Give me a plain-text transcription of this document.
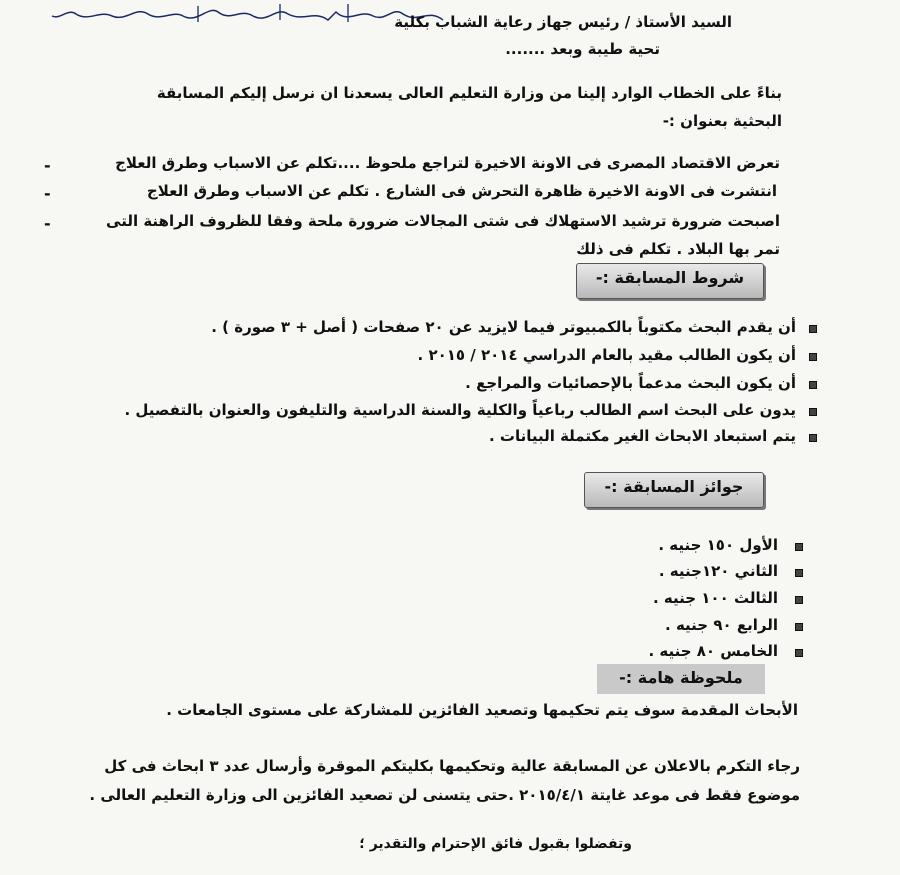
السيد الأستاذ / رئيس جهاز رعاية الشباب بكلية
تحية طيبة وبعد .......
بناءً على الخطاب الوارد إلينا من وزارة التعليم العالى يسعدنا ان نرسل إليكم المسابقة
البحثية بعنوان :-
-	تعرض الاقتصاد المصرى فى الاونة الاخيرة لتراجع ملحوظ ....تكلم عن الاسباب وطرق العلاج
-	انتشرت فى الاونة الاخيرة ظاهرة التحرش فى الشارع . تكلم عن الاسباب وطرق العلاج
-	اصبحت ضرورة ترشيد الاستهلاك فى شتى المجالات ضرورة ملحة وفقا للظروف الراهنة التى
تمر بها البلاد . تكلم فى ذلك
شروط المسابقة :-
أن يقدم البحث مكتوباً بالكمبيوتر فيما لايزيد عن ٢٠ صفحات ( أصل + ٣ صورة ) .
أن يكون الطالب مقيد بالعام الدراسي ٢٠١٤ / ٢٠١٥ .
أن يكون البحث مدعماً بالإحصائيات والمراجع .
يدون على البحث اسم الطالب رباعياً والكلية والسنة الدراسية والتليفون والعنوان بالتفصيل .
يتم استبعاد الابحاث الغير مكتملة البيانات .
جوائز المسابقة :-
الأول ١٥٠ جنيه .
الثاني ١٢٠جنيه .
الثالث ١٠٠ جنيه .
الرابع ٩٠ جنيه .
الخامس ٨٠ جنيه .
ملحوظة هامة :-
الأبحاث المقدمة سوف يتم تحكيمها وتصعيد الفائزين للمشاركة على مستوى الجامعات .
رجاء التكرم بالاعلان عن المسابقة عالية وتحكيمها بكليتكم الموقرة وأرسال عدد ٣ ابحاث فى كل
موضوع فقط فى موعد غايتة ٢٠١٥/٤/١ .حتى يتسنى لن تصعيد الفائزين الى وزارة التعليم العالى .
وتفضلوا بقبول فائق الإحترام والتقدير ؛
